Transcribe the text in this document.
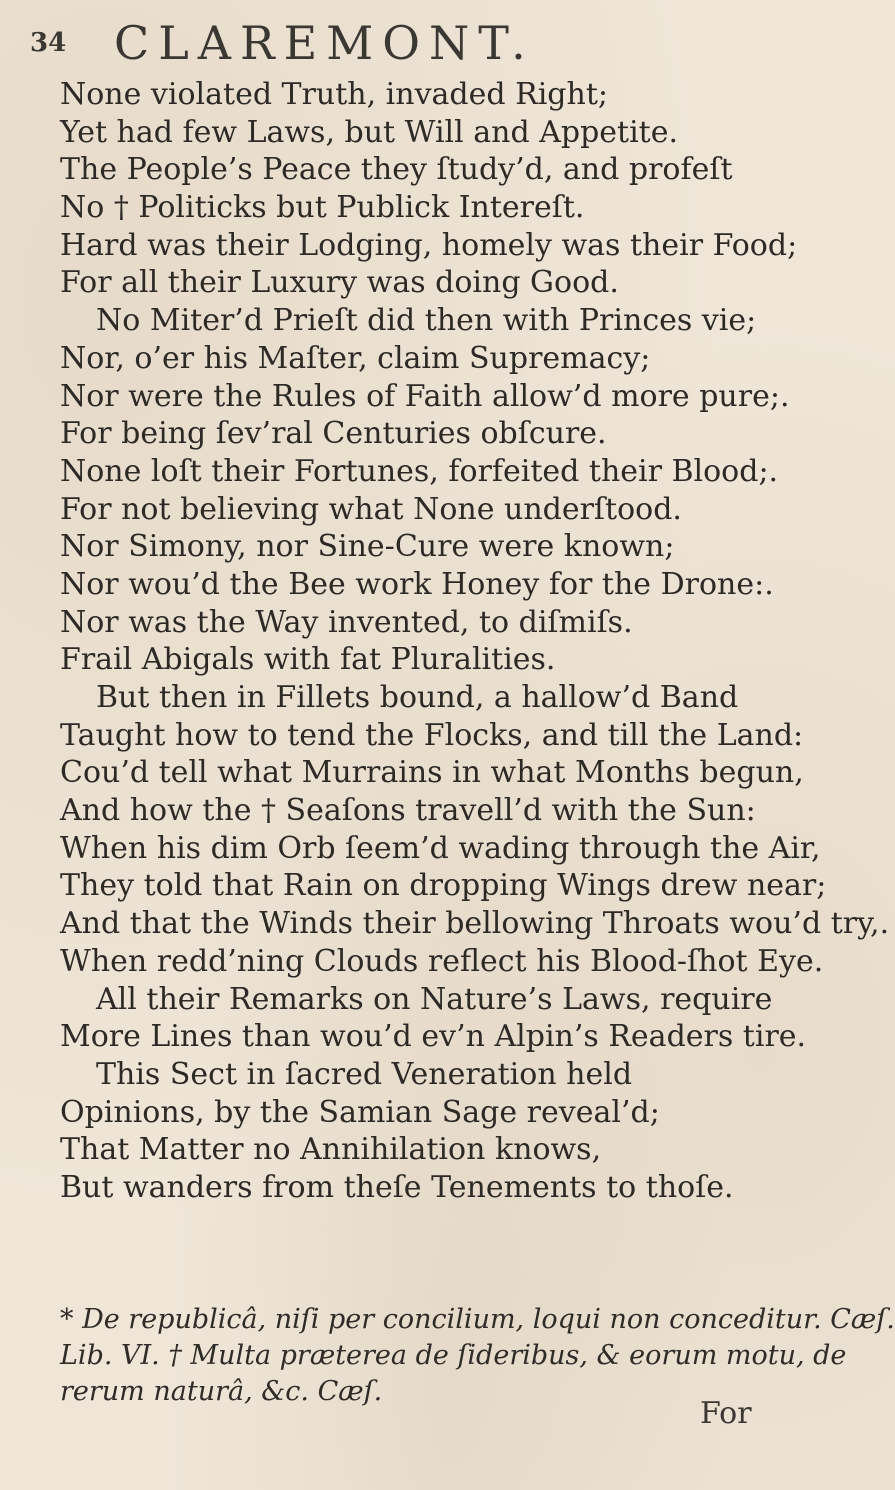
34 CLAREMONT.
None violated Truth, invaded Right;
Yet had few Laws, but Will and Appetite.
The People’s Peace they ſtudy’d, and profeſt
No † Politicks but Publick Intereſt.
Hard was their Lodging, homely was their Food;
For all their Luxury was doing Good.
No Miter’d Prieſt did then with Princes vie;
Nor, o’er his Maſter, claim Supremacy;
Nor were the Rules of Faith allow’d more pure;.
For being ſev’ral Centuries obſcure.
None loſt their Fortunes, forfeited their Blood;.
For not believing what None underſtood.
Nor Simony, nor Sine-Cure were known;
Nor wou’d the Bee work Honey for the Drone:.
Nor was the Way invented, to diſmiſs.
Frail Abigals with fat Pluralities.
But then in Fillets bound, a hallow’d Band
Taught how to tend the Flocks, and till the Land:
Cou’d tell what Murrains in what Months begun,
And how the † Seaſons travell’d with the Sun:
When his dim Orb ſeem’d wading through the Air,
They told that Rain on dropping Wings drew near;
And that the Winds their bellowing Throats wou’d try,.
When redd’ning Clouds reflect his Blood-ſhot Eye.
All their Remarks on Nature’s Laws, require
More Lines than wou’d ev’n Alpin’s Readers tire.
This Sect in ſacred Veneration held
Opinions, by the Samian Sage reveal’d;
That Matter no Annihilation knows,
But wanders from theſe Tenements to thoſe.
* De republicâ, niſi per concilium, loqui non conceditur. Cæſ.
Lib. VI. † Multa prætereа de ſideribus, & eorum motu, de
rerum naturâ, &c. Cæſ.
For
